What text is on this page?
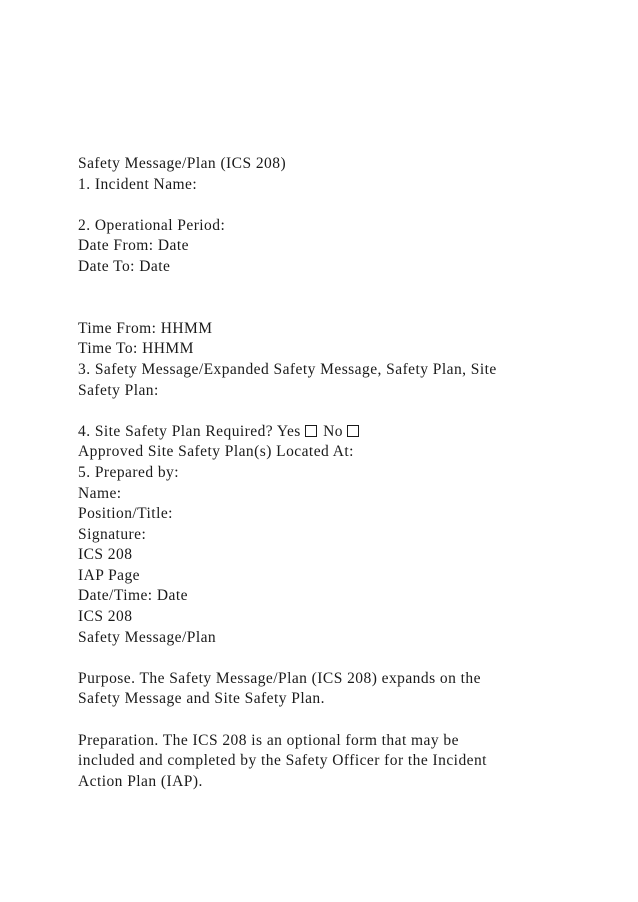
Safety Message/Plan (ICS 208)
1. Incident Name:
2. Operational Period:
Date From: Date
Date To: Date
Time From: HHMM
Time To: HHMM
3. Safety Message/Expanded Safety Message, Safety Plan, Site
Safety Plan:
4. Site Safety Plan Required? Yes No
Approved Site Safety Plan(s) Located At:
5. Prepared by:
Name:
Position/Title:
Signature:
ICS 208
IAP Page
Date/Time: Date
ICS 208
Safety Message/Plan
Purpose. The Safety Message/Plan (ICS 208) expands on the
Safety Message and Site Safety Plan.
Preparation. The ICS 208 is an optional form that may be
included and completed by the Safety Officer for the Incident
Action Plan (IAP).
